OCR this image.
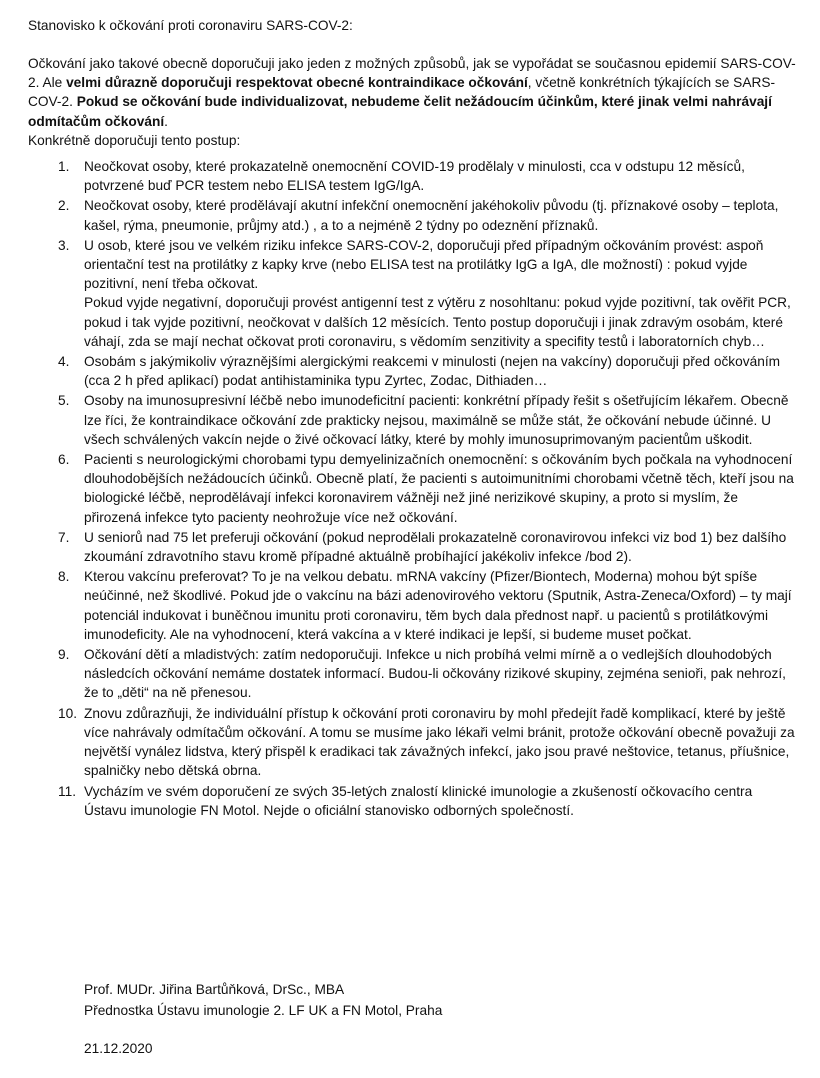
Stanovisko k očkování proti coronaviru SARS-COV-2:

Očkování jako takové obecně doporučuji jako jeden z možných způsobů, jak se vypořádat se současnou epidemií SARS-COV-2. Ale velmi důrazně doporučuji respektovat obecné kontraindikace očkování, včetně konkrétních týkajících se SARS-COV-2. Pokud se očkování bude individualizovat, nebudeme čelit nežádoucím účinkům, které jinak velmi nahrávají odmítačům očkování.

Konkrétně doporučuji tento postup:

1. Neočkovat osoby, které prokazatelně onemocnění COVID-19 prodělaly v minulosti, cca v odstupu 12 měsíců, potvrzené buď PCR testem nebo ELISA testem IgG/IgA.
2. Neočkovat osoby, které prodělávají akutní infekční onemocnění jakéhokoliv původu (tj. příznakové osoby – teplota, kašel, rýma, pneumonie, průjmy atd.) , a to a nejméně 2 týdny po odeznění příznaků.
3. U osob, které jsou ve velkém riziku infekce SARS-COV-2, doporučuji před případným očkováním provést: aspoň orientační test na protilátky z kapky krve (nebo ELISA test na protilátky IgG a IgA, dle možností) : pokud vyjde pozitivní, není třeba očkovat.
Pokud vyjde negativní, doporučuji provést antigenní test z výtěru z nosohltanu: pokud vyjde pozitivní, tak ověřit PCR, pokud i tak vyjde pozitivní, neočkovat v dalších 12 měsících. Tento postup doporučuji i jinak zdravým osobám, které váhají, zda se mají nechat očkovat proti coronaviru, s vědomím senzitivity a specifity testů i laboratorních chyb…
4. Osobám s jakýmikoliv výraznějšími alergickými reakcemi v minulosti (nejen na vakcíny) doporučuji před očkováním (cca 2 h před aplikací) podat antihistaminika typu Zyrtec, Zodac, Dithiaden…
5. Osoby na imunosupresivní léčbě nebo imunodeficitní pacienti: konkrétní případy řešit s ošetřujícím lékařem. Obecně lze říci, že kontraindikace očkování zde prakticky nejsou, maximálně se může stát, že očkování nebude účinné. U všech schválených vakcín nejde o živé očkovací látky, které by mohly imunosuprimovaným pacientům uškodit.
6. Pacienti s neurologickými chorobami typu demyelinizačních onemocnění: s očkováním bych počkala na vyhodnocení dlouhodobějších nežádoucích účinků. Obecně platí, že pacienti s autoimunitními chorobami včetně těch, kteří jsou na biologické léčbě, neprodělávají infekci koronavirem vážněji než jiné nerizikové skupiny, a proto si myslím, že přirozená infekce tyto pacienty neohrožuje více než očkování.
7. U seniorů nad 75 let preferuji očkování (pokud neprodělali prokazatelně coronavirovou infekci viz bod 1) bez dalšího zkoumání zdravotního stavu kromě případné aktuálně probíhající jakékoliv infekce /bod 2).
8. Kterou vakcínu preferovat? To je na velkou debatu. mRNA vakcíny (Pfizer/Biontech, Moderna) mohou být spíše neúčinné, než škodlivé. Pokud jde o vakcínu na bázi adenovirového vektoru (Sputnik, Astra-Zeneca/Oxford) – ty mají potenciál indukovat i buněčnou imunitu proti coronaviru, těm bych dala přednost např. u pacientů s protilátkovými imunodeficity. Ale na vyhodnocení, která vakcína a v které indikaci je lepší, si budeme muset počkat.
9. Očkování dětí a mladistvých: zatím nedoporučuji. Infekce u nich probíhá velmi mírně a o vedlejších dlouhodobých následcích očkování nemáme dostatek informací. Budou-li očkovány rizikové skupiny, zejména senioři, pak nehrozí, že to „děti“ na ně přenesou.
10. Znovu zdůrazňuji, že individuální přístup k očkování proti coronaviru by mohl předejít řadě komplikací, které by ještě více nahrávaly odmítačům očkování. A tomu se musíme jako lékaři velmi bránit, protože očkování obecně považuji za největší vynález lidstva, který přispěl k eradikaci tak závažných infekcí, jako jsou pravé neštovice, tetanus, příušnice, spalničky nebo dětská obrna.
11. Vycházím ve svém doporučení ze svých 35-letých znalostí klinické imunologie a zkušeností očkovacího centra Ústavu imunologie FN Motol. Nejde o oficiální stanovisko odborných společností.
Prof. MUDr. Jiřina Bartůňková, DrSc., MBA
Přednostka Ústavu imunologie 2. LF UK a FN Motol, Praha
21.12.2020
